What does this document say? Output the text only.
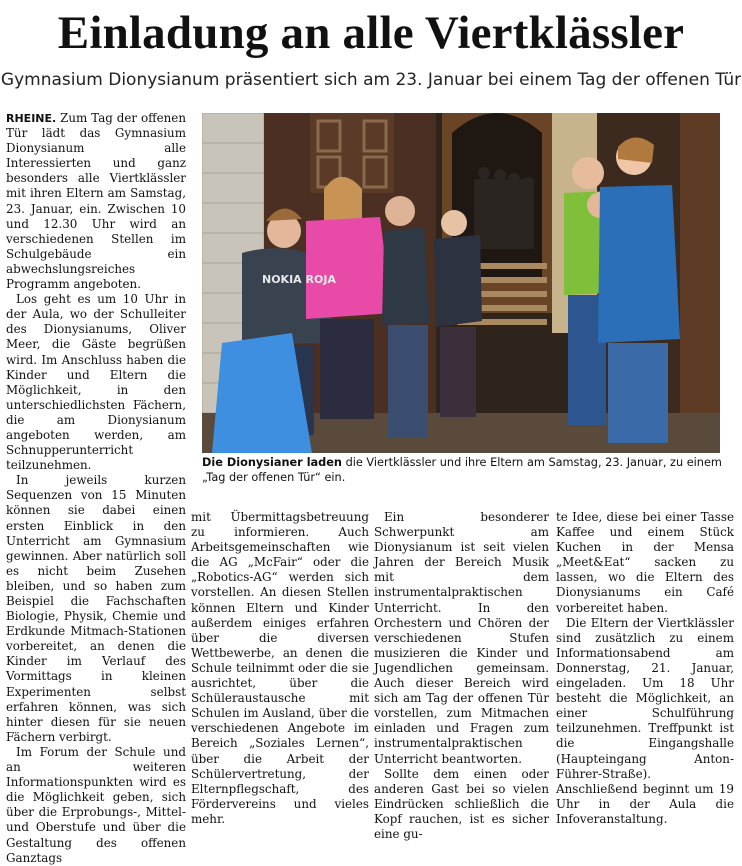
Einladung an alle Viertklässler
Gymnasium Dionysianum präsentiert sich am 23. Januar bei einem Tag der offenen Tür

RHEINE. Zum Tag der offenen Tür lädt das Gymnasium Dionysianum alle Interessierten und ganz besonders alle Viertklässler mit ihren Eltern am Samstag, 23. Januar, ein. Zwischen 10 und 12.30 Uhr wird an verschiedenen Stellen im Schulgebäude ein abwechslungsreiches Programm angeboten.

Los geht es um 10 Uhr in der Aula, wo der Schulleiter des Dionysianums, Oliver Meer, die Gäste begrüßen wird. Im Anschluss haben die Kinder und Eltern die Möglichkeit, in den unterschiedlichsten Fächern, die am Dionysianum angeboten werden, am Schnupperunterricht teilzunehmen.

In jeweils kurzen Sequenzen von 15 Minuten können sie dabei einen ersten Einblick in den Unterricht am Gymnasium gewinnen. Aber natürlich soll es nicht beim Zusehen bleiben, und so haben zum Beispiel die Fachschaften Biologie, Physik, Chemie und Erdkunde Mitmach-Stationen vorbereitet, an denen die Kinder im Verlauf des Vormittags in kleinen Experimenten selbst erfahren können, was sich hinter diesen für sie neuen Fächern verbirgt.

Im Forum der Schule und an weiteren Informationspunkten wird es die Möglichkeit geben, sich über die Erprobungs-, Mittel- und Oberstufe und über die Gestaltung des offenen Ganztags

NOKIA ROJA
Die Dionysianer laden die Viertklässler und ihre Eltern am Samstag, 23. Januar, zu einem „Tag der offenen Tür“ ein.

mit Übermittagsbetreuung zu informieren. Auch Arbeitsgemeinschaften wie die AG „McFair“ oder die „Robotics-AG“ werden sich vorstellen. An diesen Stellen können Eltern und Kinder außerdem einiges erfahren über die diversen Wettbewerbe, an denen die Schule teilnimmt oder die sie ausrichtet, über die Schüleraustausche mit Schulen im Ausland, über die verschiedenen Angebote im Bereich „Soziales Lernen“, über die Arbeit der Schülervertretung, der Elternpflegschaft, des Fördervereins und vieles mehr.

Ein besonderer Schwerpunkt am Dionysianum ist seit vielen Jahren der Bereich Musik mit dem instrumentalpraktischen Unterricht. In den Orchestern und Chören der verschiedenen Stufen musizieren die Kinder und Jugendlichen gemeinsam. Auch dieser Bereich wird sich am Tag der offenen Tür vorstellen, zum Mitmachen einladen und Fragen zum instrumentalpraktischen Unterricht beantworten.

Sollte dem einen oder anderen Gast bei so vielen Eindrücken schließlich die Kopf rauchen, ist es sicher eine gu-

te Idee, diese bei einer Tasse Kaffee und einem Stück Kuchen in der Mensa „Meet&Eat“ sacken zu lassen, wo die Eltern des Dionysianums ein Café vorbereitet haben.

Die Eltern der Viertklässler sind zusätzlich zu einem Informationsabend am Donnerstag, 21. Januar, eingeladen. Um 18 Uhr besteht die Möglichkeit, an einer Schulführung teilzunehmen. Treffpunkt ist die Eingangshalle (Haupteingang Anton-Führer-Straße). Anschließend beginnt um 19 Uhr in der Aula die Infoveranstaltung.
